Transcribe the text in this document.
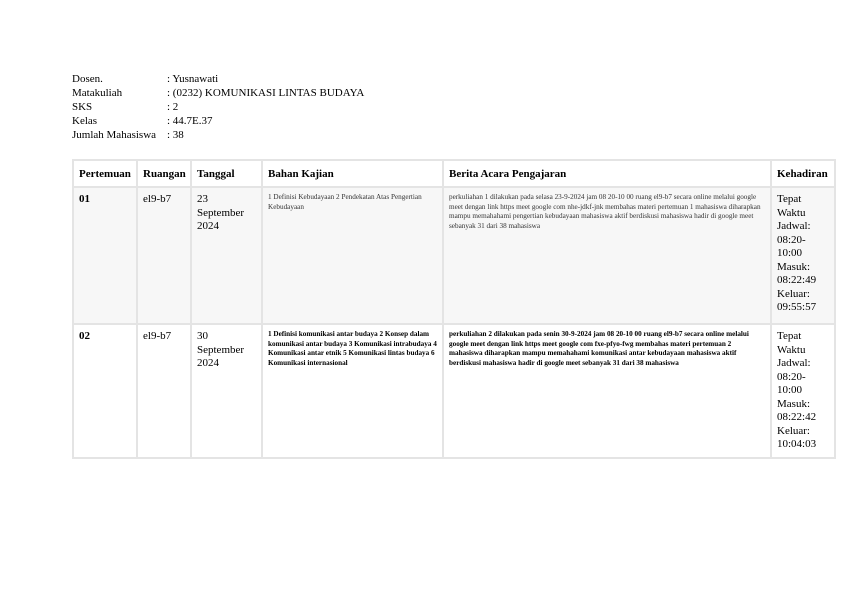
Dosen.	: Yusnawati
Matakuliah	: (0232) KOMUNIKASI LINTAS BUDAYA
SKS	: 2
Kelas	: 44.7E.37
Jumlah Mahasiswa : 38
Pertemuan	Ruangan	Tanggal	Bahan Kajian	Berita Acara Pengajaran	Kehadiran
01	el9-b7	23 September 2024	1 Definisi Kebudayaan 2 Pendekatan Atas Pengertian Kebudayaan	perkuliahan 1 dilakukan pada selasa 23-9-2024 jam 08 20-10 00 ruang el9-b7 secara online melalui google meet dengan link https meet google com nhe-jdkf-jnk membahas materi pertemuan 1 mahasiswa diharapkan mampu memahahami pengertian kebudayaan mahasiswa aktif berdiskusi mahasiswa hadir di google meet sebanyak 31 dari 38 mahasiswa	Tepat Waktu Jadwal: 08:20-10:00 Masuk: 08:22:49 Keluar: 09:55:57
02	el9-b7	30 September 2024	1 Definisi komunikasi antar budaya 2 Konsep dalam komunikasi antar budaya 3 Komunikasi intrabudaya 4 Komunikasi antar etnik 5 Komunikasi lintas budaya 6 Komunikasi internasional	perkuliahan 2 dilakukan pada senin 30-9-2024 jam 08 20-10 00 ruang el9-b7 secara online melalui google meet dengan link https meet google com fxe-pfyo-fwg membahas materi pertemuan 2 mahasiswa diharapkan mampu memahahami komunikasi antar kebudayaan mahasiswa aktif berdiskusi mahasiswa hadir di google meet sebanyak 31 dari 38 mahasiswa	Tepat Waktu Jadwal: 08:20-10:00 Masuk: 08:22:42 Keluar: 10:04:03
